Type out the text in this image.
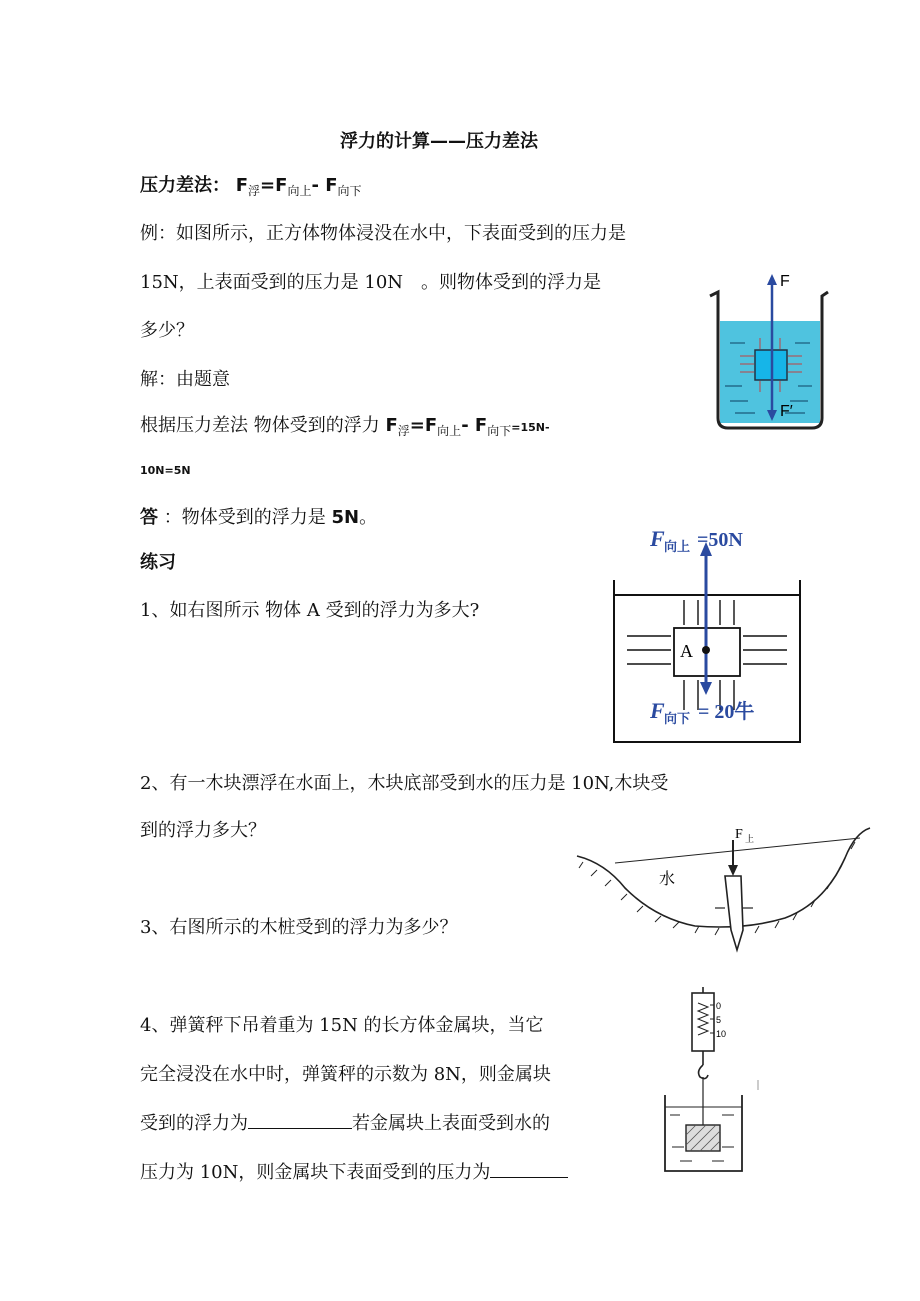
浮力的计算——压力差法
压力差法： $F_浮=F_{向上}-$ $F_{向下}$
例：如图所示，正方体物体浸没在水中，下表面受到的压力是
15N，上表面受到的压力是 10N　。则物体受到的浮力是
多少？
解：由题意
根据压力差法 物体受到的浮力 $F_浮=F_{向上}-$ $F_{向下}=15N-$
10N=5N
答 ：物体受到的浮力是 5N。
练习
1、如右图所示 物体 A 受到的浮力为多大?
2、有一木块漂浮在水面上，木块底部受到水的压力是 10N,木块受
到的浮力多大？
3、右图所示的木桩受到的浮力为多少？
4、弹簧秤下吊着重为 15N 的长方体金属块，当它
完全浸没在水中时，弹簧秤的示数为 8N，则金属块
受到的浮力为	若金属块上表面受到水的
压力为 10N，则金属块下表面受到的压力为
F
F′
A
F 向上 =50N
F 向下 = 20牛
水
F 上
0
5
10
